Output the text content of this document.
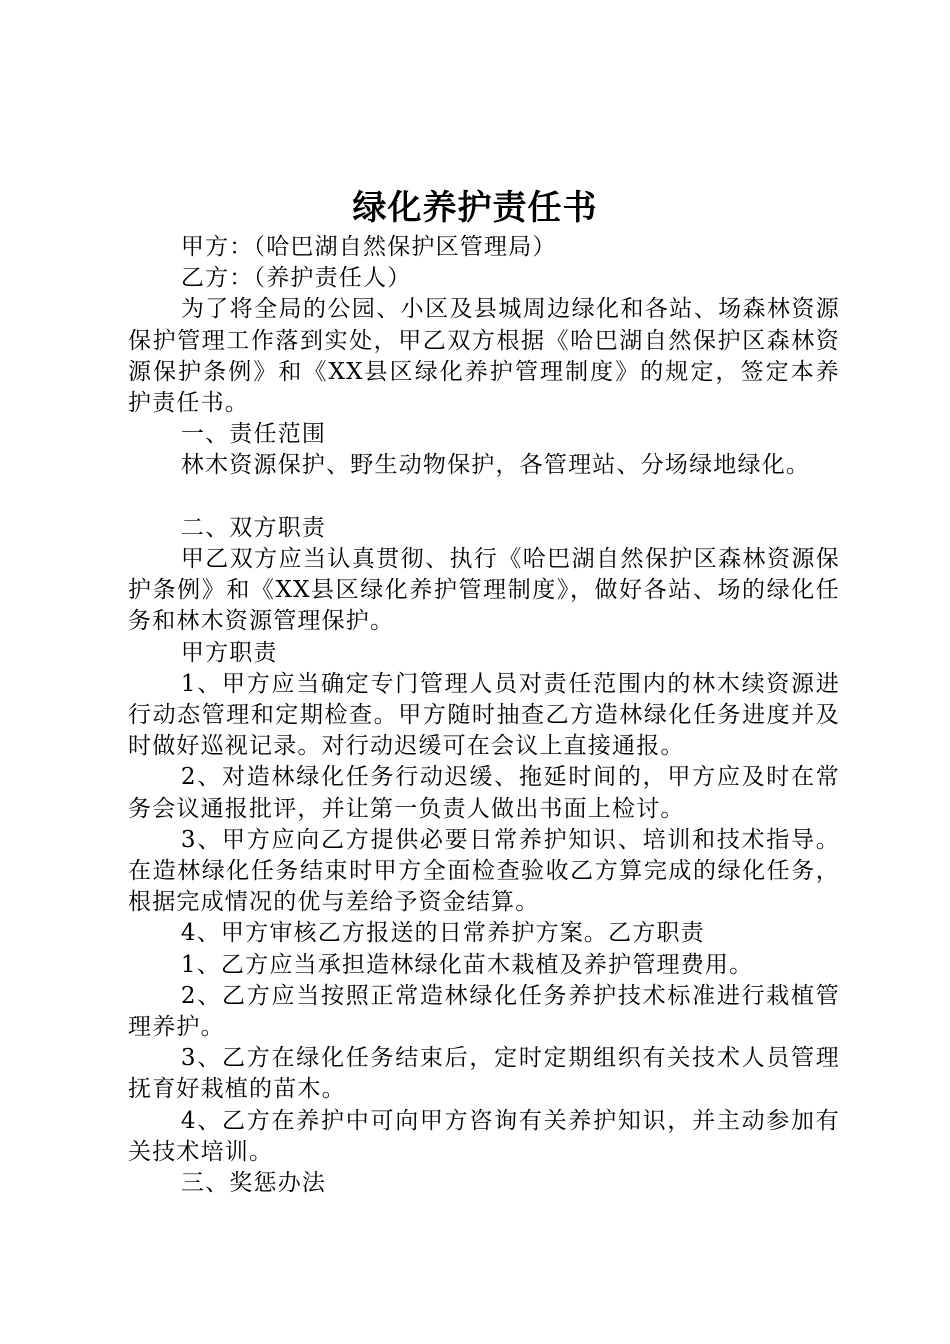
绿化养护责任书

甲方：（哈巴湖自然保护区管理局）

乙方：（养护责任人）

为了将全局的公园、小区及县城周边绿化和各站、场森林资源保护管理工作落到实处，甲乙双方根据《哈巴湖自然保护区森林资源保护条例》和《XX县区绿化养护管理制度》的规定，签定本养护责任书。

一、责任范围

林木资源保护、野生动物保护，各管理站、分场绿地绿化。

二、双方职责

甲乙双方应当认真贯彻、执行《哈巴湖自然保护区森林资源保护条例》和《XX县区绿化养护管理制度》，做好各站、场的绿化任务和林木资源管理保护。

甲方职责

1、甲方应当确定专门管理人员对责任范围内的林木续资源进行动态管理和定期检查。甲方随时抽查乙方造林绿化任务进度并及时做好巡视记录。对行动迟缓可在会议上直接通报。

2、对造林绿化任务行动迟缓、拖延时间的，甲方应及时在常务会议通报批评，并让第一负责人做出书面上检讨。

3、甲方应向乙方提供必要日常养护知识、培训和技术指导。在造林绿化任务结束时甲方全面检查验收乙方算完成的绿化任务，根据完成情况的优与差给予资金结算。

4、甲方审核乙方报送的日常养护方案。乙方职责

1、乙方应当承担造林绿化苗木栽植及养护管理费用。

2、乙方应当按照正常造林绿化任务养护技术标准进行栽植管理养护。

3、乙方在绿化任务结束后，定时定期组织有关技术人员管理抚育好栽植的苗木。

4、乙方在养护中可向甲方咨询有关养护知识，并主动参加有关技术培训。

三、奖惩办法
